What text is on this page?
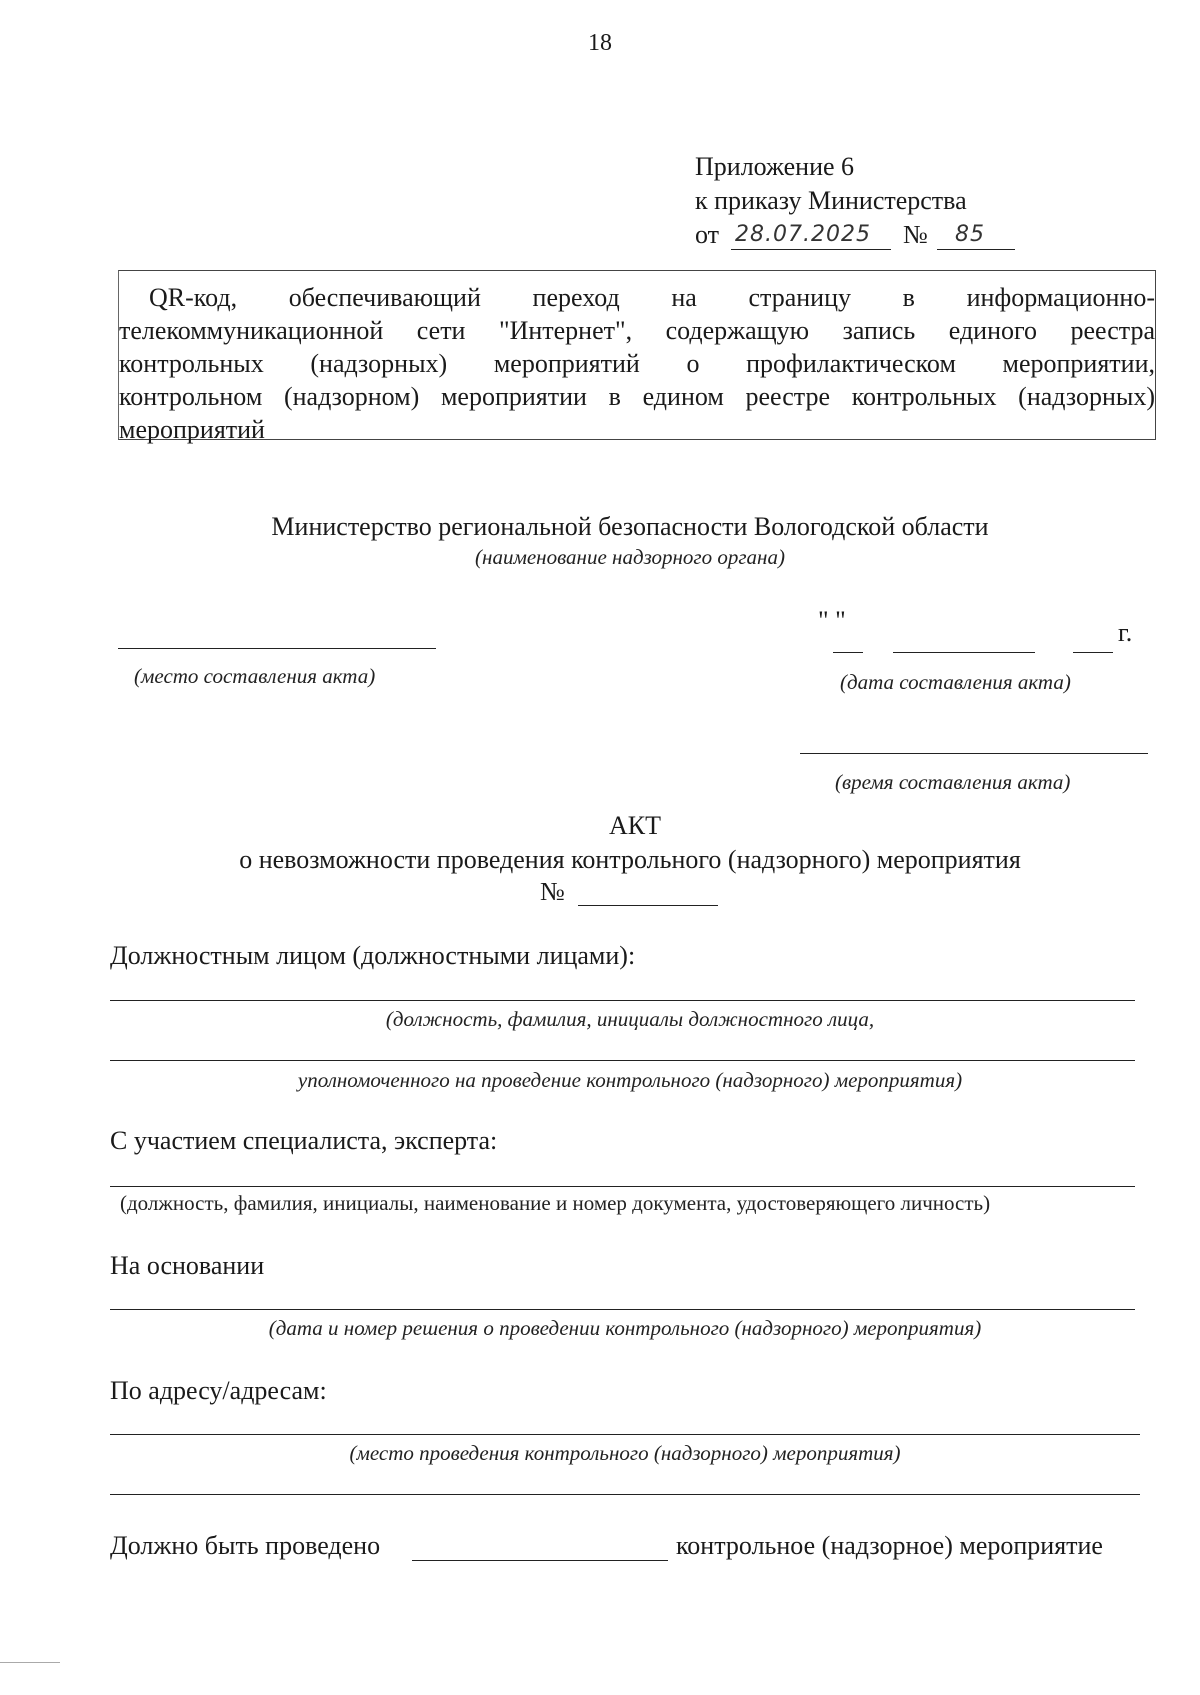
18
Приложение 6
к приказу Министерства
от 28.07.2025 № 85
QR-код, обеспечивающий переход на страницу в информационно-
телекоммуникационной сети "Интернет", содержащую запись единого реестра
контрольных (надзорных) мероприятий о профилактическом мероприятии,
контрольном (надзорном) мероприятии в едином реестре контрольных (надзорных)
мероприятий
Министерство региональной безопасности Вологодской области
(наименование надзорного органа)
(место составления акта)
" "	г.
(дата составления акта)
(время составления акта)
АКТ
о невозможности проведения контрольного (надзорного) мероприятия
№
Должностным лицом (должностными лицами):
(должность, фамилия, инициалы должностного лица,
уполномоченного на проведение контрольного (надзорного) мероприятия)
С участием специалиста, эксперта:
(должность, фамилия, инициалы, наименование и номер документа, удостоверяющего личность)
На основании
(дата и номер решения о проведении контрольного (надзорного) мероприятия)
По адресу/адресам:
(место проведения контрольного (надзорного) мероприятия)
Должно быть проведено	контрольное (надзорное) мероприятие
